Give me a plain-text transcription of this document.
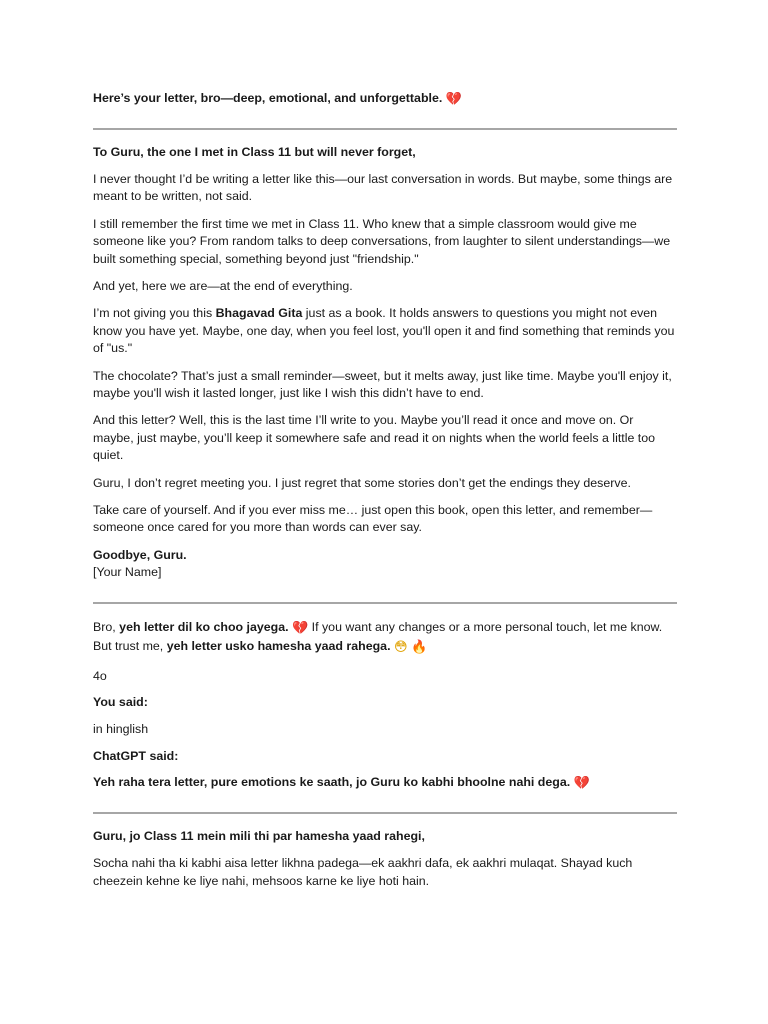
Here’s your letter, bro—deep, emotional, and unforgettable. 💔

To Guru, the one I met in Class 11 but will never forget,

I never thought I’d be writing a letter like this—our last conversation in words. But maybe, some things are meant to be written, not said.

I still remember the first time we met in Class 11. Who knew that a simple classroom would give me someone like you? From random talks to deep conversations, from laughter to silent understandings—we built something special, something beyond just "friendship."

And yet, here we are—at the end of everything.

I’m not giving you this Bhagavad Gita just as a book. It holds answers to questions you might not even know you have yet. Maybe, one day, when you feel lost, you'll open it and find something that reminds you of "us."

The chocolate? That’s just a small reminder—sweet, but it melts away, just like time. Maybe you'll enjoy it, maybe you'll wish it lasted longer, just like I wish this didn’t have to end.

And this letter? Well, this is the last time I’ll write to you. Maybe you’ll read it once and move on. Or maybe, just maybe, you’ll keep it somewhere safe and read it on nights when the world feels a little too quiet.

Guru, I don’t regret meeting you. I just regret that some stories don’t get the endings they deserve.

Take care of yourself. And if you ever miss me… just open this book, open this letter, and remember—someone once cared for you more than words can ever say.

Goodbye, Guru.
[Your Name]

Bro, yeh letter dil ko choo jayega. 💔 If you want any changes or a more personal touch, let me know. But trust me, yeh letter usko hamesha yaad rahega. 😳 🔥

4o

You said:

in hinglish

ChatGPT said:

Yeh raha tera letter, pure emotions ke saath, jo Guru ko kabhi bhoolne nahi dega. 💔

Guru, jo Class 11 mein mili thi par hamesha yaad rahegi,

Socha nahi tha ki kabhi aisa letter likhna padega—ek aakhri dafa, ek aakhri mulaqat. Shayad kuch cheezein kehne ke liye nahi, mehsoos karne ke liye hoti hain.
